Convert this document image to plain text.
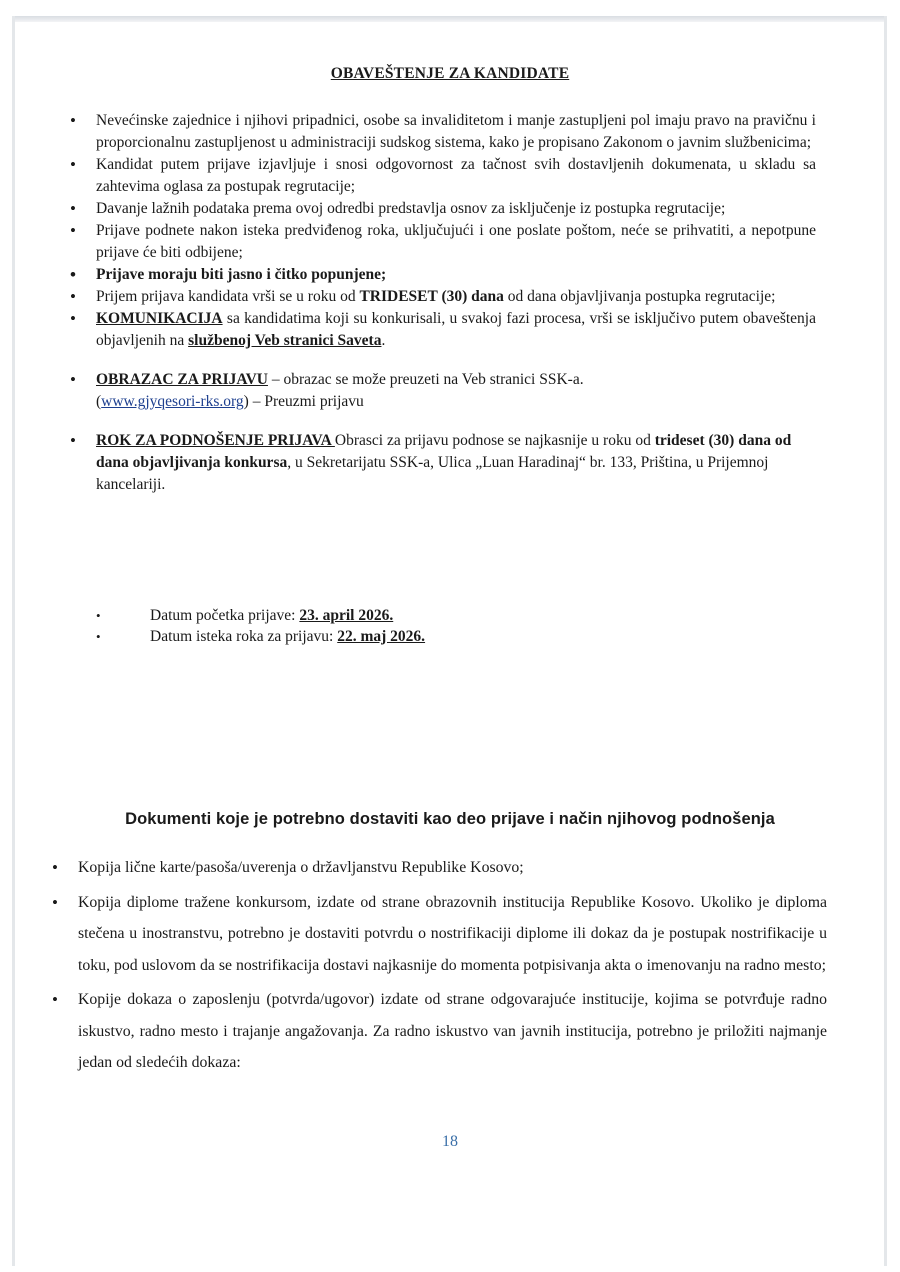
OBAVEŠTENJE ZA KANDIDATE
• Nevećinske zajednice i njihovi pripadnici, osobe sa invaliditetom i manje zastupljeni pol imaju pravo na pravičnu i proporcionalnu zastupljenost u administraciji sudskog sistema, kako je propisano Zakonom o javnim službenicima;
• Kandidat putem prijave izjavljuje i snosi odgovornost za tačnost svih dostavljenih dokumenata, u skladu sa zahtevima oglasa za postupak regrutacije;
• Davanje lažnih podataka prema ovoj odredbi predstavlja osnov za isključenje iz postupka regrutacije;
• Prijave podnete nakon isteka predviđenog roka, uključujući i one poslate poštom, neće se prihvatiti, a nepotpune prijave će biti odbijene;
• Prijave moraju biti jasno i čitko popunjene;
• Prijem prijava kandidata vrši se u roku od TRIDESET (30) dana od dana objavljivanja postupka regrutacije;
• KOMUNIKACIJA sa kandidatima koji su konkurisali, u svakoj fazi procesa, vrši se isključivo putem obaveštenja objavljenih na službenoj Veb stranici Saveta.
• OBRAZAC ZA PRIJAVU – obrazac se može preuzeti na Veb stranici SSK-a.
(www.gjyqesori-rks.org) – Preuzmi prijavu
• ROK ZA PODNOŠENJE PRIJAVA Obrasci za prijavu podnose se najkasnije u roku od trideset (30) dana od dana objavljivanja konkursa, u Sekretarijatu SSK-a, Ulica „Luan Haradinaj“ br. 133, Priština, u Prijemnoj kancelariji.
• Datum početka prijave: 23. april 2026.
• Datum isteka roka za prijavu: 22. maj 2026.
Dokumenti koje je potrebno dostaviti kao deo prijave i način njihovog podnošenja
• Kopija lične karte/pasoša/uverenja o državljanstvu Republike Kosovo;
• Kopija diplome tražene konkursom, izdate od strane obrazovnih institucija Republike Kosovo. Ukoliko je diploma stečena u inostranstvu, potrebno je dostaviti potvrdu o nostrifikaciji diplome ili dokaz da je postupak nostrifikacije u toku, pod uslovom da se nostrifikacija dostavi najkasnije do momenta potpisivanja akta o imenovanju na radno mesto;
• Kopije dokaza o zaposlenju (potvrda/ugovor) izdate od strane odgovarajuće institucije, kojima se potvrđuje radno iskustvo, radno mesto i trajanje angažovanja. Za radno iskustvo van javnih institucija, potrebno je priložiti najmanje jedan od sledećih dokaza:
18
